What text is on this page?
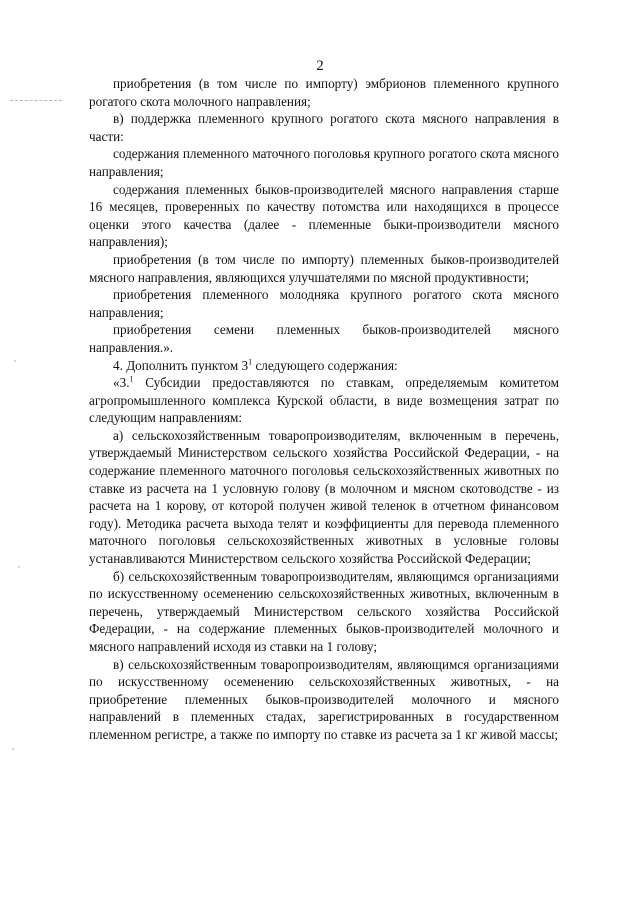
2

приобретения (в том числе по импорту) эмбрионов племенного крупного рогатого скота молочного направления;

в) поддержка племенного крупного рогатого скота мясного направления в части:

содержания племенного маточного поголовья крупного рогатого скота мясного направления;

содержания племенных быков-производителей мясного направления старше 16 месяцев, проверенных по качеству потомства или находящихся в процессе оценки этого качества (далее - племенные быки-производители мясного направления);

приобретения (в том числе по импорту) племенных быков-производителей мясного направления, являющихся улучшателями по мясной продуктивности;

приобретения племенного молодняка крупного рогатого скота мясного направления;

приобретения семени племенных быков-производителей мясного направления.».

4. Дополнить пунктом $3^1$ следующего содержания:

«3.$^1$ Субсидии предоставляются по ставкам, определяемым комитетом агропромышленного комплекса Курской области, в виде возмещения затрат по следующим направлениям:

а) сельскохозяйственным товаропроизводителям, включенным в перечень, утверждаемый Министерством сельского хозяйства Российской Федерации, - на содержание племенного маточного поголовья сельскохозяйственных животных по ставке из расчета на 1 условную голову (в молочном и мясном скотоводстве - из расчета на 1 корову, от которой получен живой теленок в отчетном финансовом году). Методика расчета выхода телят и коэффициенты для перевода племенного маточного поголовья сельскохозяйственных животных в условные головы устанавливаются Министерством сельского хозяйства Российской Федерации;

б) сельскохозяйственным товаропроизводителям, являющимся организациями по искусственному осеменению сельскохозяйственных животных, включенным в перечень, утверждаемый Министерством сельского хозяйства Российской Федерации, - на содержание племенных быков-производителей молочного и мясного направлений исходя из ставки на 1 голову;

в) сельскохозяйственным товаропроизводителям, являющимся организациями по искусственному осеменению сельскохозяйственных животных, - на приобретение племенных быков-производителей молочного и мясного направлений в племенных стадах, зарегистрированных в государственном племенном регистре, а также по импорту по ставке из расчета за 1 кг живой массы;
